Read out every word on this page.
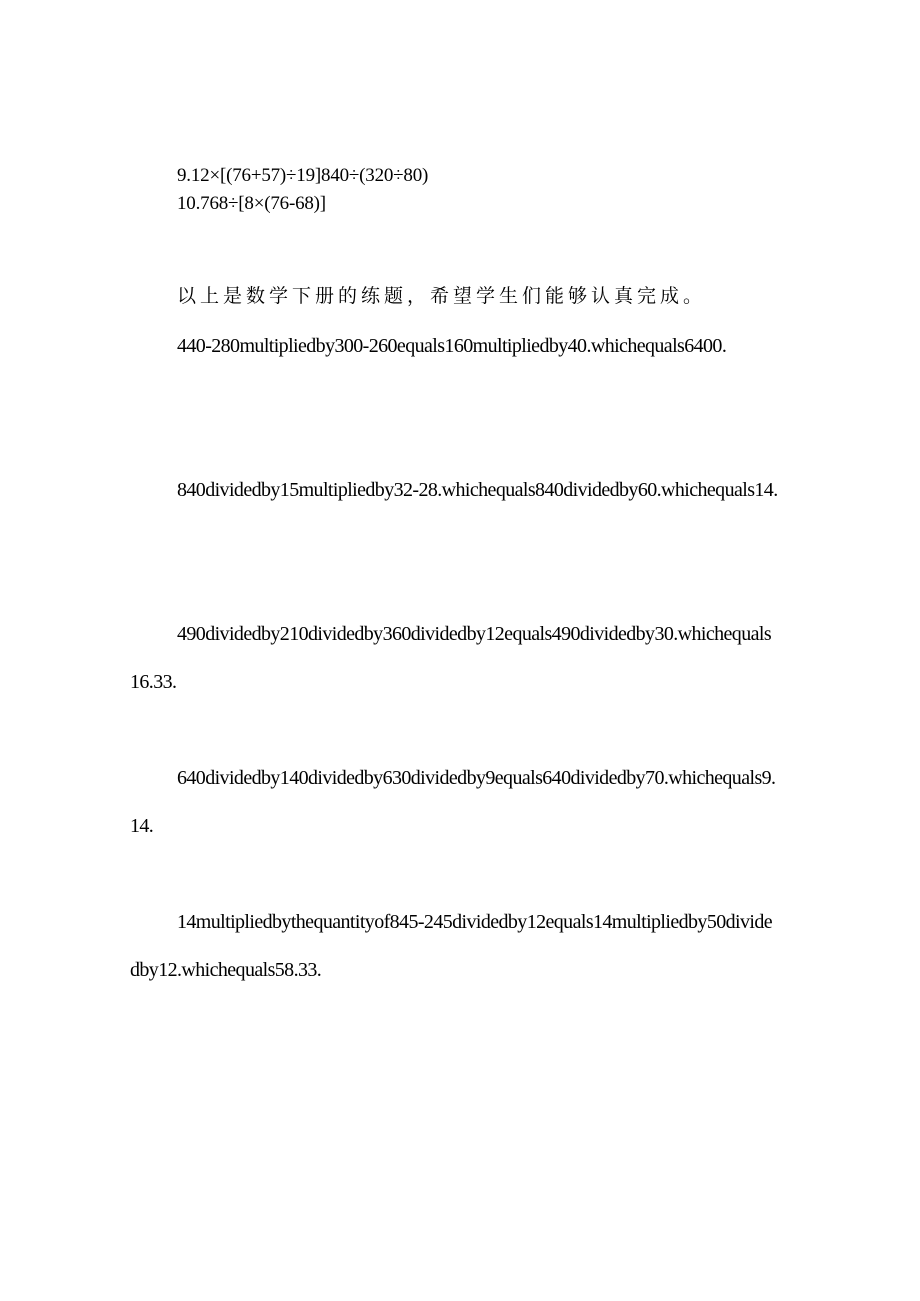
9.12×[(76+57)÷19]840÷(320÷80)
10.768÷[8×(76-68)]
以上是数学下册的练题，希望学生们能够认真完成。
440-280multipliedby300-260equals160multipliedby40.whichequals6400.
840dividedby15multipliedby32-28.whichequals840dividedby60.whichequals14.
490dividedby210dividedby360dividedby12equals490dividedby30.whichequals16.33.
640dividedby140dividedby630dividedby9equals640dividedby70.whichequals9.14.
14multipliedbythequantityof845-245dividedby12equals14multipliedby50dividedby12.whichequals58.33.
